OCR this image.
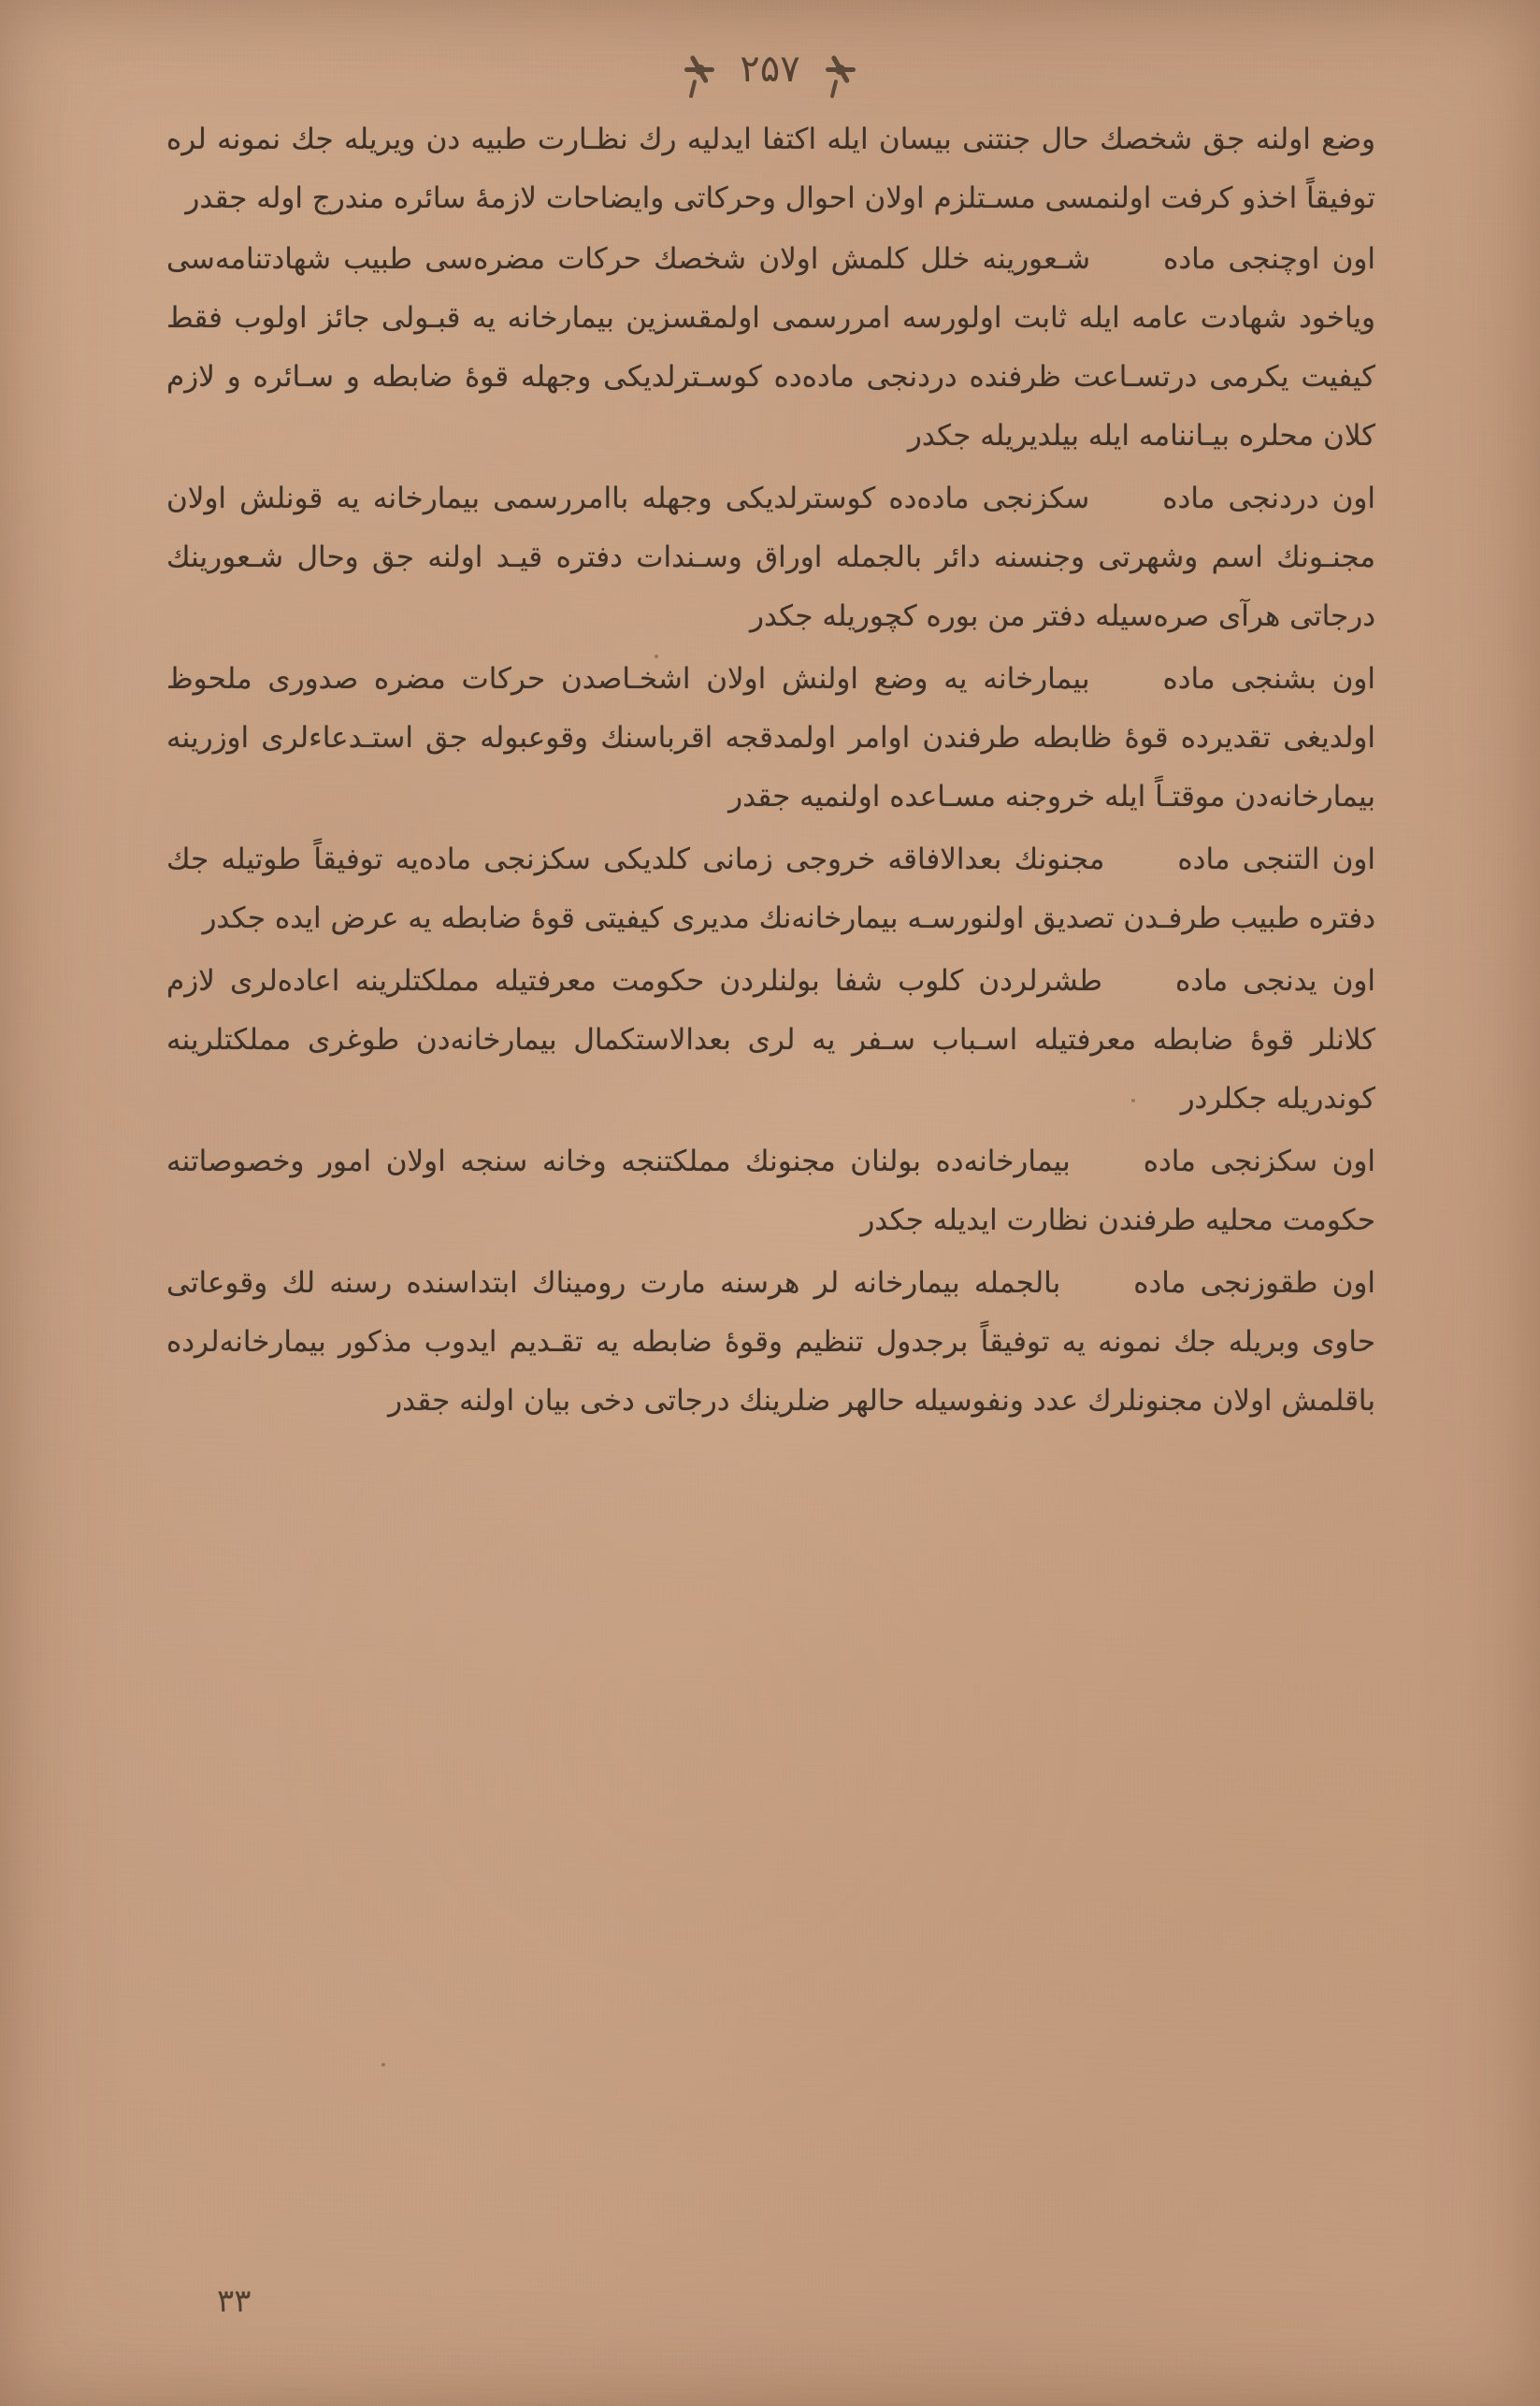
۲۵۷

وضع اولنه جق شخصك حال جنتنی بیسان ایله اکتفا ایدلیه رك نظـارت طبیه دن ویریله جك نمونه لره توفیقاً اخذو کرفت اولنمسی مسـتلزم اولان احوال وحرکاتی وایضاحات لازمهٔ سائره مندرج اوله جقدر

اون اوچنجی مادهشـعورینه خلل کلمش اولان شخصك حرکات مضرەسی طبیب شهادتنامەسی ویاخود شهادت عامه ایله ثابت اولورسه امررسمی اولمقسزین بیمارخانه یه قبـولی جائز اولوب فقط کیفیت یکرمی درتسـاعت ظرفنده دردنجی مادەده کوسـترلدیکی وجهله قوهٔ ضابطه و سـائره و لازم کلان محلره بیـاننامه ایله بیلدیریله جکدر

اون دردنجی مادهسکزنجی مادەده کوسترلدیکی وجهله باامررسمی بیمارخانه یه قونلش اولان مجنـونك اسم وشهرتی وجنسنه دائر بالجمله اوراق وسـندات دفتره قیـد اولنه جق وحال شـعورینك درجاتی هرآی صرەسیله دفتر من بوره کچوریله جکدر

اون بشنجی مادهبیمارخانه یه وضع اولنش اولان اشخـاصدن حرکات مضره صدوری ملحوظ اولدیغی تقدیرده قوهٔ ظابطه طرفندن اوامر اولمدقجه اقرباسنك وقوعبوله جق استـدعاءلری اوزرینه بیمارخانەدن موقتـاً ایله خروجنه مسـاعده اولنمیه جقدر

اون التنجی مادهمجنونك بعدالافاقه خروجی زمانی کلدیکی سکزنجی مادەیه توفیقاً طوتیله جك دفتره طبیب طرفـدن تصدیق اولنورسـه بیمارخانەنك مدیری کیفیتی قوهٔ ضابطه یه عرض ایده جکدر

اون یدنجی مادهطشرلردن کلوب شفا بولنلردن حکومت معرفتیله مملکتلرینه اعادەلری لازم کلانلر قوهٔ ضابطه معرفتیله اسـباب سـفر یه لری بعدالاستکمال بیمارخانەدن طوغری مملکتلرینه کوندریله جکلردر

اون سکزنجی مادهبیمارخانەده بولنان مجنونك مملکتنجه وخانه سنجه اولان امور وخصوصاتنه حکومت محلیه طرفندن نظارت ایدیله جکدر

اون طقوزنجی مادهبالجمله بیمارخانه لر هرسنه مارت رومیناك ابتداسنده رسنه لك وقوعاتی حاوی وبریله جك نمونه یه توفیقاً برجدول تنظیم وقوهٔ ضابطه یه تقـدیم ایدوب مذکور بیمارخانەلرده باقلمش اولان مجنونلرك عدد ونفوسیله حالهر ضلرینك درجاتی دخی بیان اولنه جقدر

۳۳
